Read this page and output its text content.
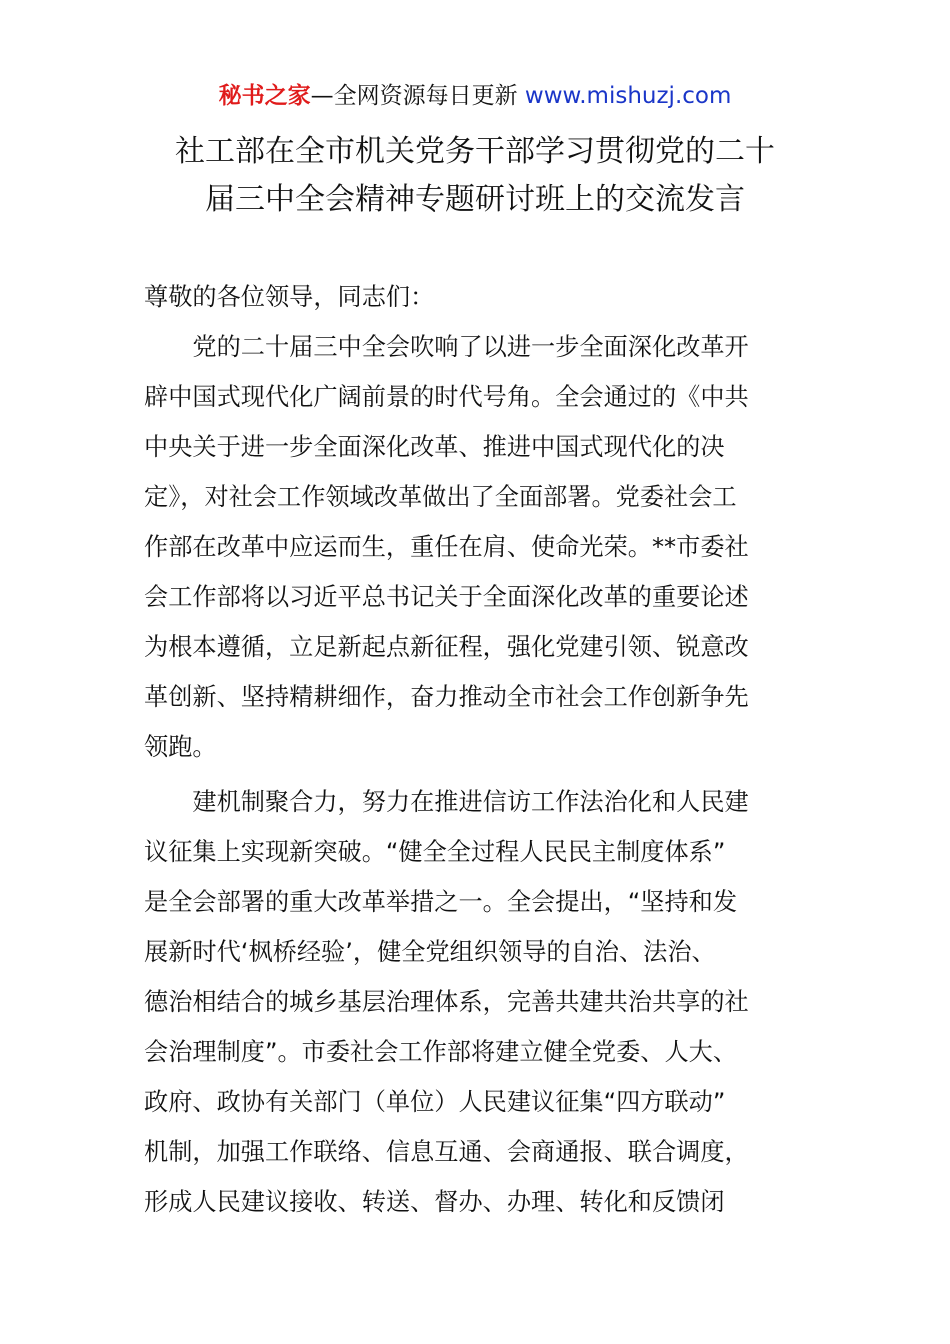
秘书之家—全网资源每日更新 www.mishuzj.com
社工部在全市机关党务干部学习贯彻党的二十
届三中全会精神专题研讨班上的交流发言
尊敬的各位领导，同志们：
　　党的二十届三中全会吹响了以进一步全面深化改革开
辟中国式现代化广阔前景的时代号角。全会通过的《中共
中央关于进一步全面深化改革、推进中国式现代化的决
定》，对社会工作领域改革做出了全面部署。党委社会工
作部在改革中应运而生，重任在肩、使命光荣。**市委社
会工作部将以习近平总书记关于全面深化改革的重要论述
为根本遵循，立足新起点新征程，强化党建引领、锐意改
革创新、坚持精耕细作，奋力推动全市社会工作创新争先
领跑。
　　建机制聚合力，努力在推进信访工作法治化和人民建
议征集上实现新突破。“健全全过程人民民主制度体系”
是全会部署的重大改革举措之一。全会提出，“坚持和发
展新时代‘枫桥经验’，健全党组织领导的自治、法治、
德治相结合的城乡基层治理体系，完善共建共治共享的社
会治理制度”。市委社会工作部将建立健全党委、人大、
政府、政协有关部门（单位）人民建议征集“四方联动”
机制，加强工作联络、信息互通、会商通报、联合调度，
形成人民建议接收、转送、督办、办理、转化和反馈闭
